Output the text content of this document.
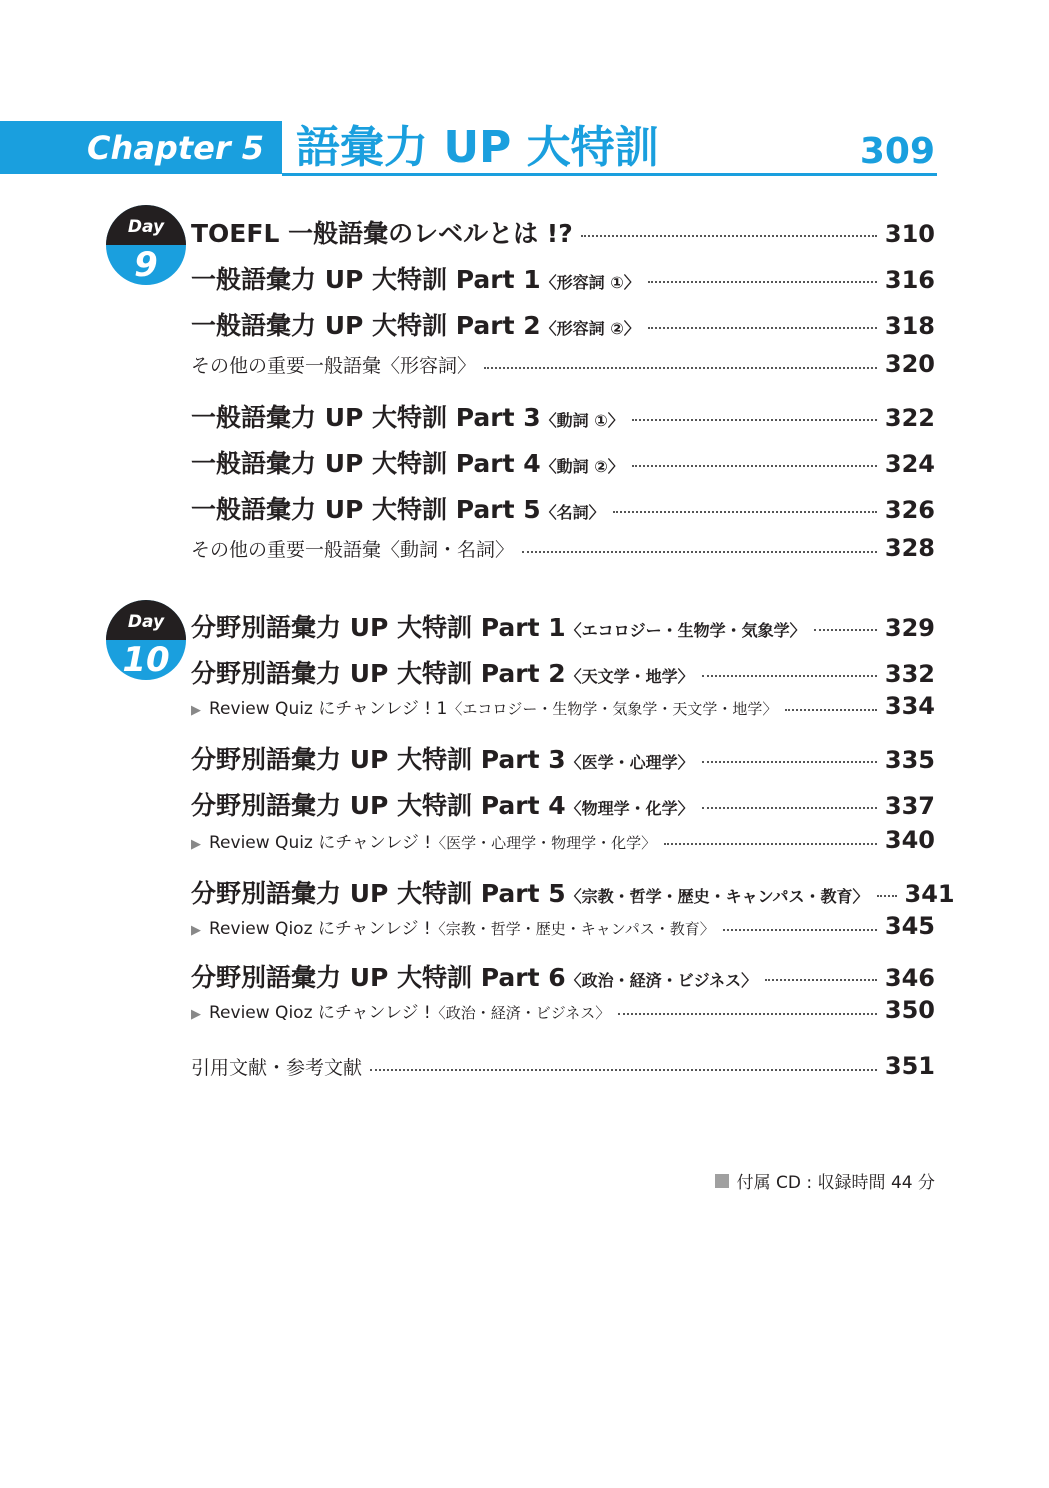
Chapter 5 語彙力 UP 大特訓	309
Day
9
Day
10
TOEFL 一般語彙のレベルとは !?	310
一般語彙力 UP 大特訓 Part 1 〈形容詞 ①〉	316
一般語彙力 UP 大特訓 Part 2 〈形容詞 ②〉	318
その他の重要一般語彙 〈形容詞〉	320
一般語彙力 UP 大特訓 Part 3 〈動詞 ①〉	322
一般語彙力 UP 大特訓 Part 4 〈動詞 ②〉	324
一般語彙力 UP 大特訓 Part 5 〈名詞〉	326
その他の重要一般語彙 〈動詞・名詞〉	328
分野別語彙力 UP 大特訓 Part 1 〈エコロジー・生物学・気象学〉	329
分野別語彙力 UP 大特訓 Part 2 〈天文学・地学〉	332
▶ Review Quiz にチャンレジ ! 1 〈エコロジー・生物学・気象学・天文学・地学〉	334
分野別語彙力 UP 大特訓 Part 3 〈医学・心理学〉	335
分野別語彙力 UP 大特訓 Part 4 〈物理学・化学〉	337
▶ Review Quiz にチャンレジ ! 〈医学・心理学・物理学・化学〉	340
分野別語彙力 UP 大特訓 Part 5 〈宗教・哲学・歴史・キャンパス・教育〉 341
▶ Review Qioz にチャンレジ ! 〈宗教・哲学・歴史・キャンパス・教育〉	345
分野別語彙力 UP 大特訓 Part 6 〈政治・経済・ビジネス〉	346
▶ Review Qioz にチャンレジ ! 〈政治・経済・ビジネス〉	350
引用文献・参考文献	351
付属 CD : 収録時間 44 分
